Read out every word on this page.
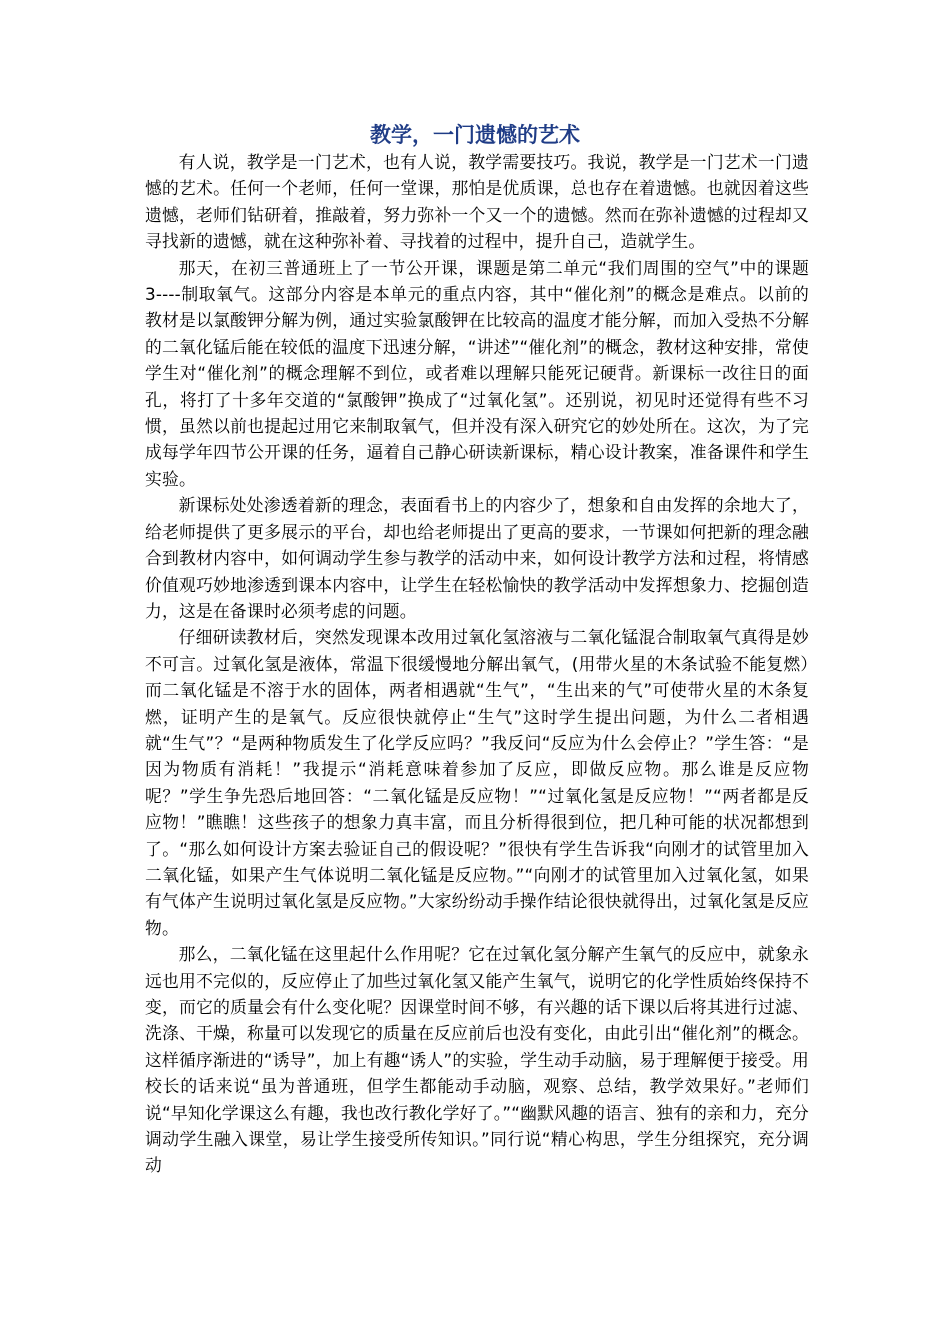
教学，一门遗憾的艺术

有人说，教学是一门艺术，也有人说，教学需要技巧。我说，教学是一门艺术一门遗憾的艺术。任何一个老师，任何一堂课，那怕是优质课，总也存在着遗憾。也就因着这些遗憾，老师们钻研着，推敲着，努力弥补一个又一个的遗憾。然而在弥补遗憾的过程却又寻找新的遗憾，就在这种弥补着、寻找着的过程中，提升自己，造就学生。

那天，在初三普通班上了一节公开课，课题是第二单元“我们周围的空气”中的课题 3----制取氧气。这部分内容是本单元的重点内容，其中“催化剂”的概念是难点。以前的教材是以氯酸钾分解为例，通过实验氯酸钾在比较高的温度才能分解，而加入受热不分解的二氧化锰后能在较低的温度下迅速分解，“讲述”“催化剂”的概念，教材这种安排，常使学生对“催化剂”的概念理解不到位，或者难以理解只能死记硬背。新课标一改往日的面孔，将打了十多年交道的“氯酸钾”换成了“过氧化氢”。还别说，初见时还觉得有些不习惯，虽然以前也提起过用它来制取氧气，但并没有深入研究它的妙处所在。这次，为了完成每学年四节公开课的任务，逼着自己静心研读新课标，精心设计教案，准备课件和学生实验。

新课标处处渗透着新的理念，表面看书上的内容少了，想象和自由发挥的余地大了，给老师提供了更多展示的平台，却也给老师提出了更高的要求，一节课如何把新的理念融合到教材内容中，如何调动学生参与教学的活动中来，如何设计教学方法和过程，将情感价值观巧妙地渗透到课本内容中，让学生在轻松愉快的教学活动中发挥想象力、挖掘创造力，这是在备课时必须考虑的问题。

仔细研读教材后，突然发现课本改用过氧化氢溶液与二氧化锰混合制取氧气真得是妙不可言。过氧化氢是液体，常温下很缓慢地分解出氧气，(用带火星的木条试验不能复燃）而二氧化锰是不溶于水的固体，两者相遇就“生气”，“生出来的气”可使带火星的木条复燃，证明产生的是氧气。反应很快就停止“生气”这时学生提出问题，为什么二者相遇就“生气”？“是两种物质发生了化学反应吗？”我反问“反应为什么会停止？”学生答：“是因为物质有消耗！”我提示“消耗意味着参加了反应，即做反应物。那么谁是反应物呢？”学生争先恐后地回答：“二氧化锰是反应物！”“过氧化氢是反应物！”“两者都是反应物！”瞧瞧！这些孩子的想象力真丰富，而且分析得很到位，把几种可能的状况都想到了。“那么如何设计方案去验证自己的假设呢？”很快有学生告诉我“向刚才的试管里加入二氧化锰，如果产生气体说明二氧化锰是反应物。”“向刚才的试管里加入过氧化氢，如果有气体产生说明过氧化氢是反应物。”大家纷纷动手操作结论很快就得出，过氧化氢是反应物。

那么，二氧化锰在这里起什么作用呢？它在过氧化氢分解产生氧气的反应中，就象永远也用不完似的，反应停止了加些过氧化氢又能产生氧气，说明它的化学性质始终保持不变，而它的质量会有什么变化呢？因课堂时间不够，有兴趣的话下课以后将其进行过滤、洗涤、干燥，称量可以发现它的质量在反应前后也没有变化，由此引出“催化剂”的概念。这样循序渐进的“诱导”，加上有趣“诱人”的实验，学生动手动脑，易于理解便于接受。用校长的话来说“虽为普通班，但学生都能动手动脑，观察、总结，教学效果好。”老师们说“早知化学课这么有趣，我也改行教化学好了。”“幽默风趣的语言、独有的亲和力，充分调动学生融入课堂，易让学生接受所传知识。”同行说“精心构思，学生分组探究，充分调动
